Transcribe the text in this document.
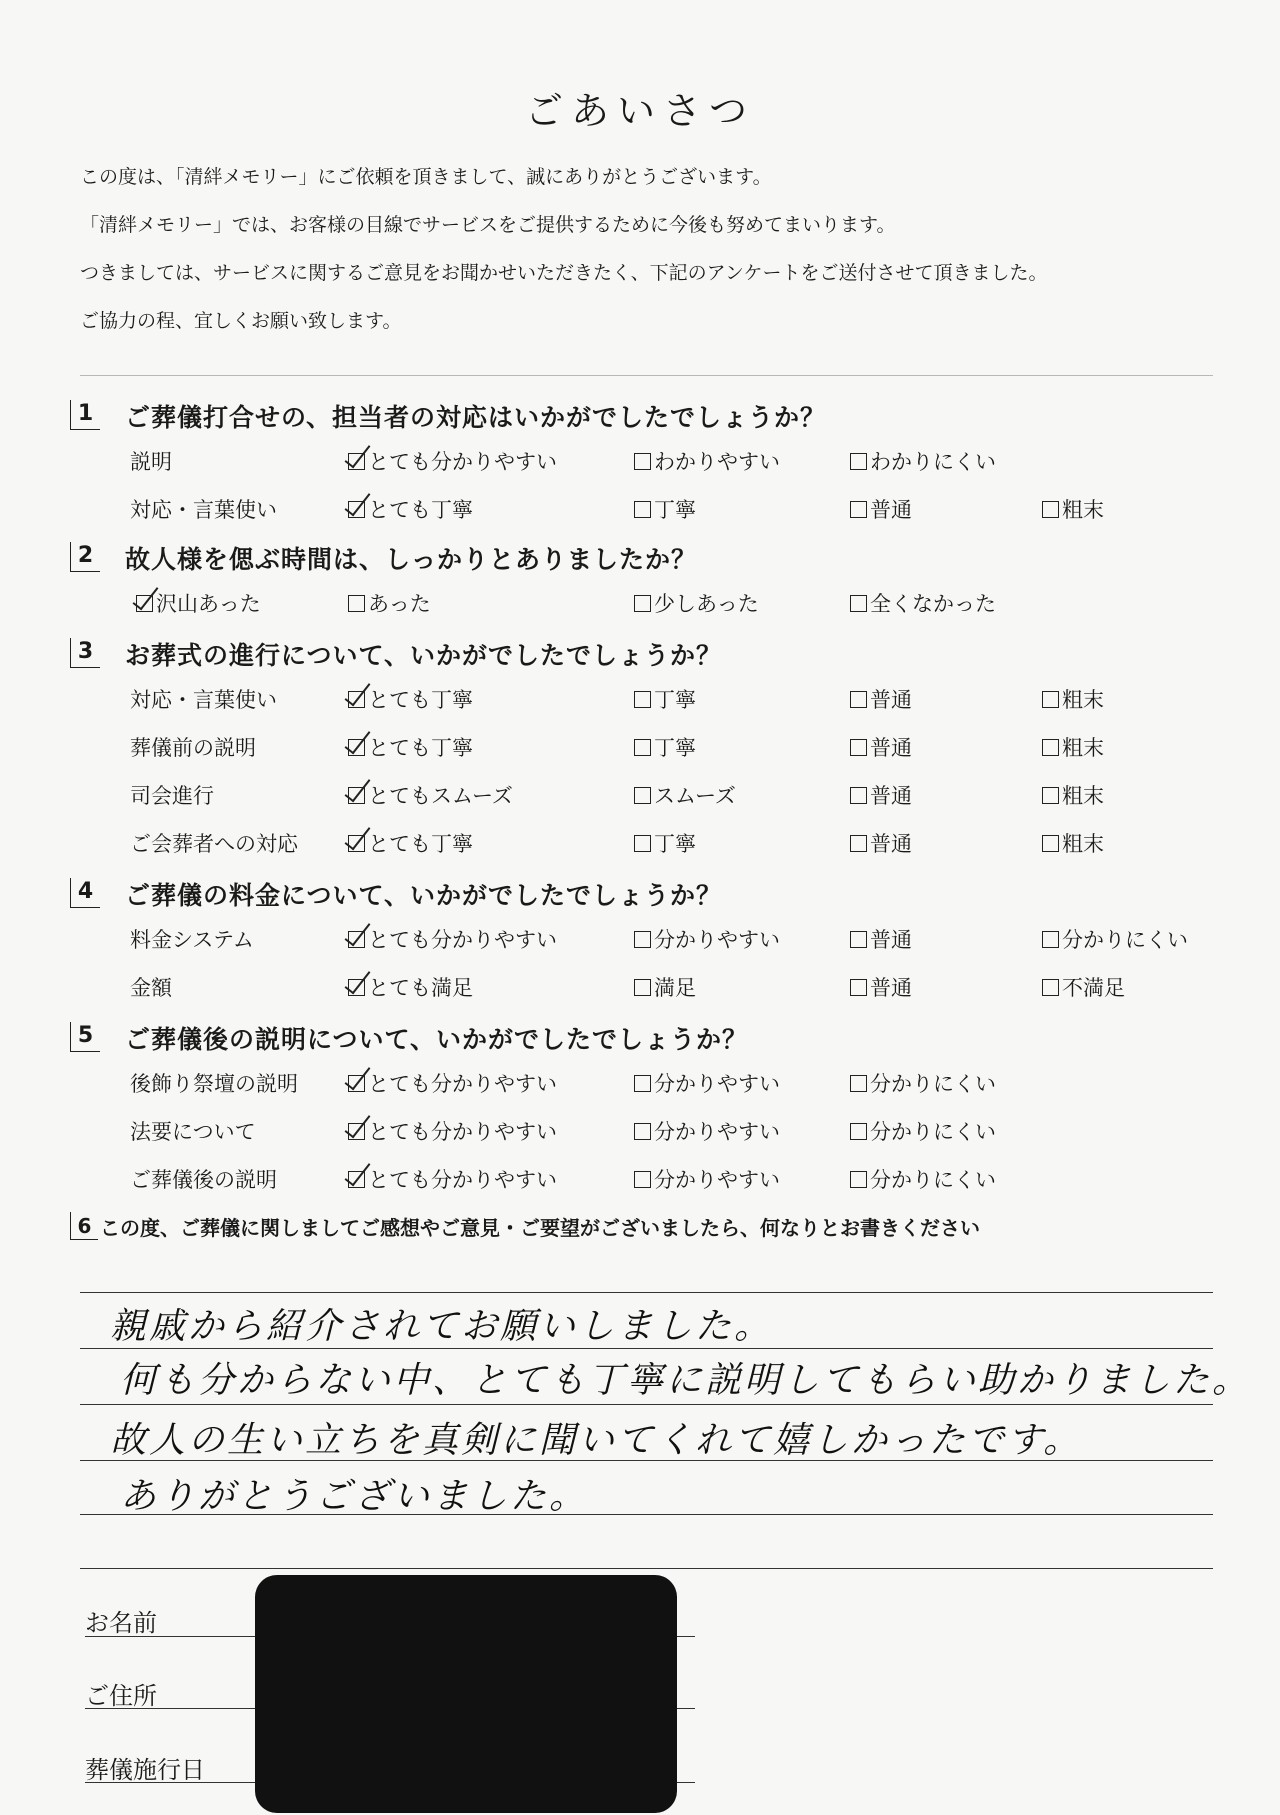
ごあいさつ
この度は、「清絆メモリー」にご依頼を頂きまして、誠にありがとうございます。
「清絆メモリー」では、お客様の目線でサービスをご提供するために今後も努めてまいります。
つきましては、サービスに関するご意見をお聞かせいただきたく、下記のアンケートをご送付させて頂きました。
ご協力の程、宜しくお願い致します。
1 ご葬儀打合せの、担当者の対応はいかがでしたでしょうか？
説明	とても分かりやすい	わかりやすい	わかりにくい
対応・言葉使い	とても丁寧	丁寧	普通	粗末
2 故人様を偲ぶ時間は、しっかりとありましたか？
沢山あった	あった	少しあった	全くなかった
3 お葬式の進行について、いかがでしたでしょうか？
対応・言葉使い	とても丁寧	丁寧	普通	粗末
葬儀前の説明	とても丁寧	丁寧	普通	粗末
司会進行	とてもスムーズ	スムーズ	普通	粗末
ご会葬者への対応	とても丁寧	丁寧	普通	粗末
4 ご葬儀の料金について、いかがでしたでしょうか？
料金システム	とても分かりやすい	分かりやすい	普通	分かりにくい
金額	とても満足	満足	普通	不満足
5 ご葬儀後の説明について、いかがでしたでしょうか？
後飾り祭壇の説明	とても分かりやすい	分かりやすい	分かりにくい
法要について	とても分かりやすい	分かりやすい	分かりにくい
ご葬儀後の説明	とても分かりやすい	分かりやすい	分かりにくい
6 この度、ご葬儀に関しましてご感想やご意見・ご要望がございましたら、何なりとお書きください
親戚から紹介されてお願いしました。
何も分からない中、とても丁寧に説明してもらい助かりました。
故人の生い立ちを真剣に聞いてくれて嬉しかったです。
ありがとうございました。
お名前
ご住所
葬儀施行日
